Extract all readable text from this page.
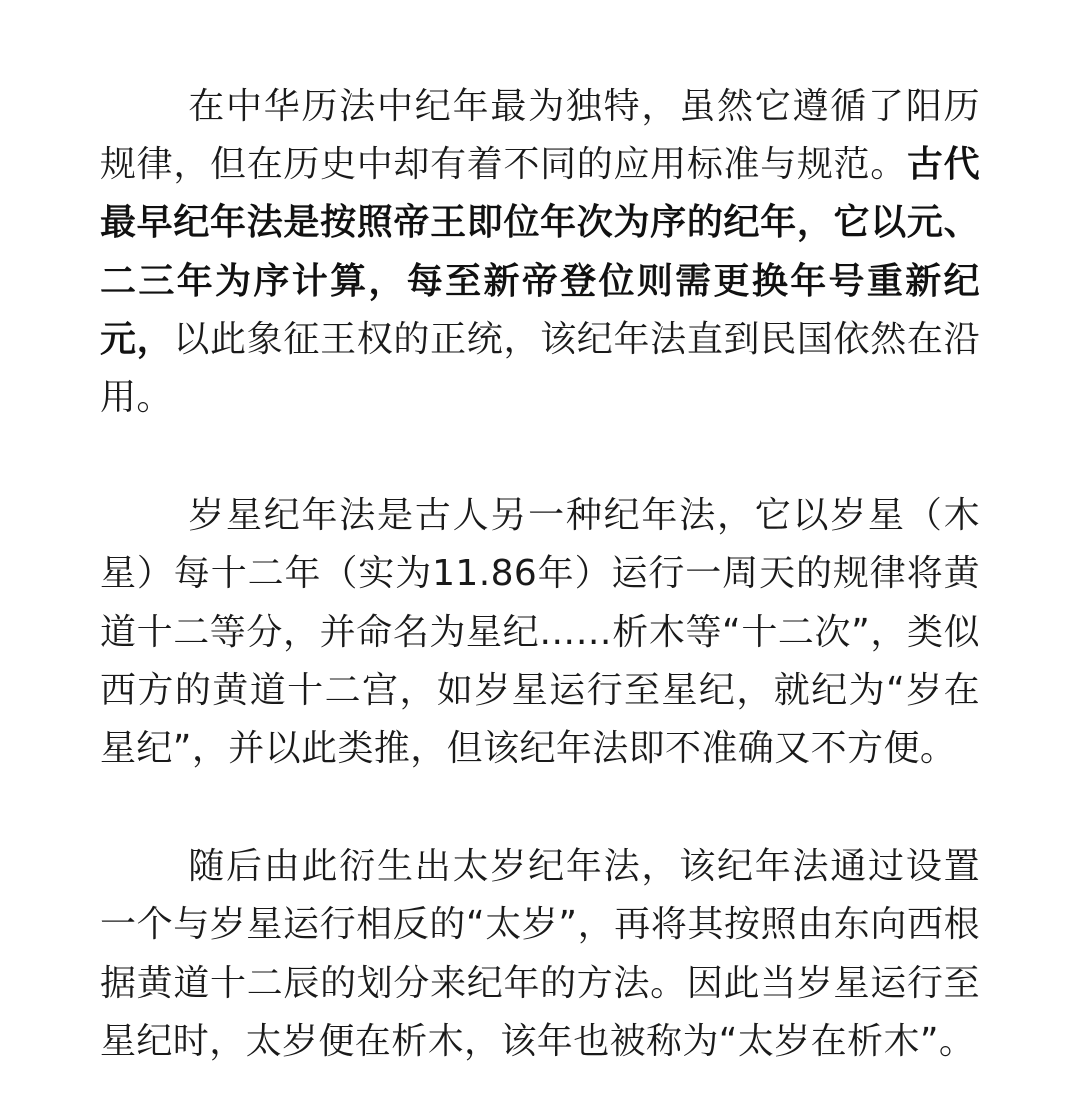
在中华历法中纪年最为独特，虽然它遵循了阳历规律，但在历史中却有着不同的应用标准与规范。古代最早纪年法是按照帝王即位年次为序的纪年，它以元、二三年为序计算，每至新帝登位则需更换年号重新纪元，以此象征王权的正统，该纪年法直到民国依然在沿用。

岁星纪年法是古人另一种纪年法，它以岁星（木星）每十二年（实为11.86年）运行一周天的规律将黄道十二等分，并命名为星纪……析木等“十二次”，类似西方的黄道十二宫，如岁星运行至星纪，就纪为“岁在星纪”，并以此类推，但该纪年法即不准确又不方便。

随后由此衍生出太岁纪年法，该纪年法通过设置一个与岁星运行相反的“太岁”，再将其按照由东向西根据黄道十二辰的划分来纪年的方法。因此当岁星运行至星纪时，太岁便在析木，该年也被称为“太岁在析木”。
